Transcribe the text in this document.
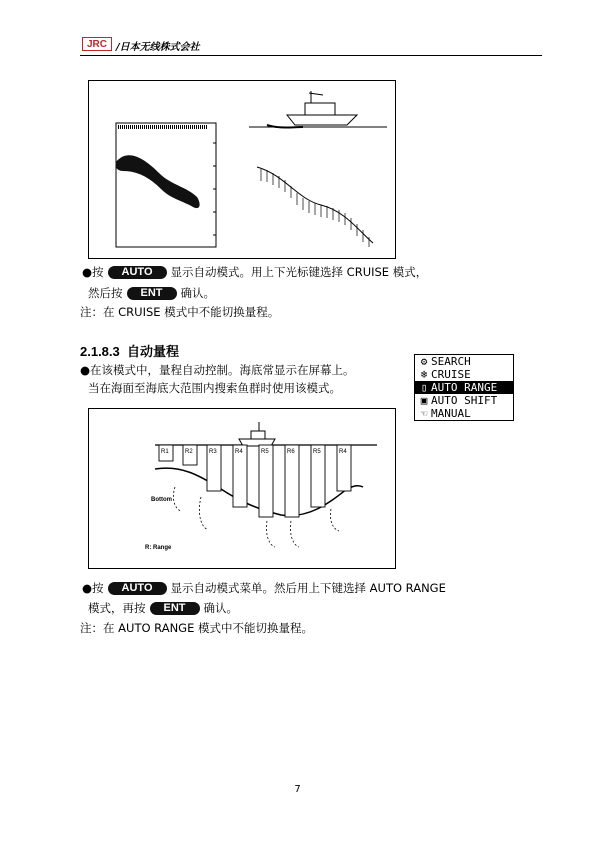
JRC /日本无线株式会社
●按 AUTO 显示自动模式。用上下光标键选择 CRUISE 模式，
然后按 ENT 确认。
注：在 CRUISE 模式中不能切换量程。
2.1.8.3 自动量程
●在该模式中，量程自动控制。海底常显示在屏幕上。
当在海面至海底大范围内搜索鱼群时使用该模式。
⚙ SEARCH
❄ CRUISE
▯ AUTO RANGE
▣ AUTO SHIFT
☜ MANUAL
R1	R2	R3	R4	R5	R6	R5	R4
Bottom
R: Range
●按 AUTO 显示自动模式菜单。然后用上下键选择 AUTO RANGE
模式，再按 ENT 确认。
注：在 AUTO RANGE 模式中不能切换量程。
7
